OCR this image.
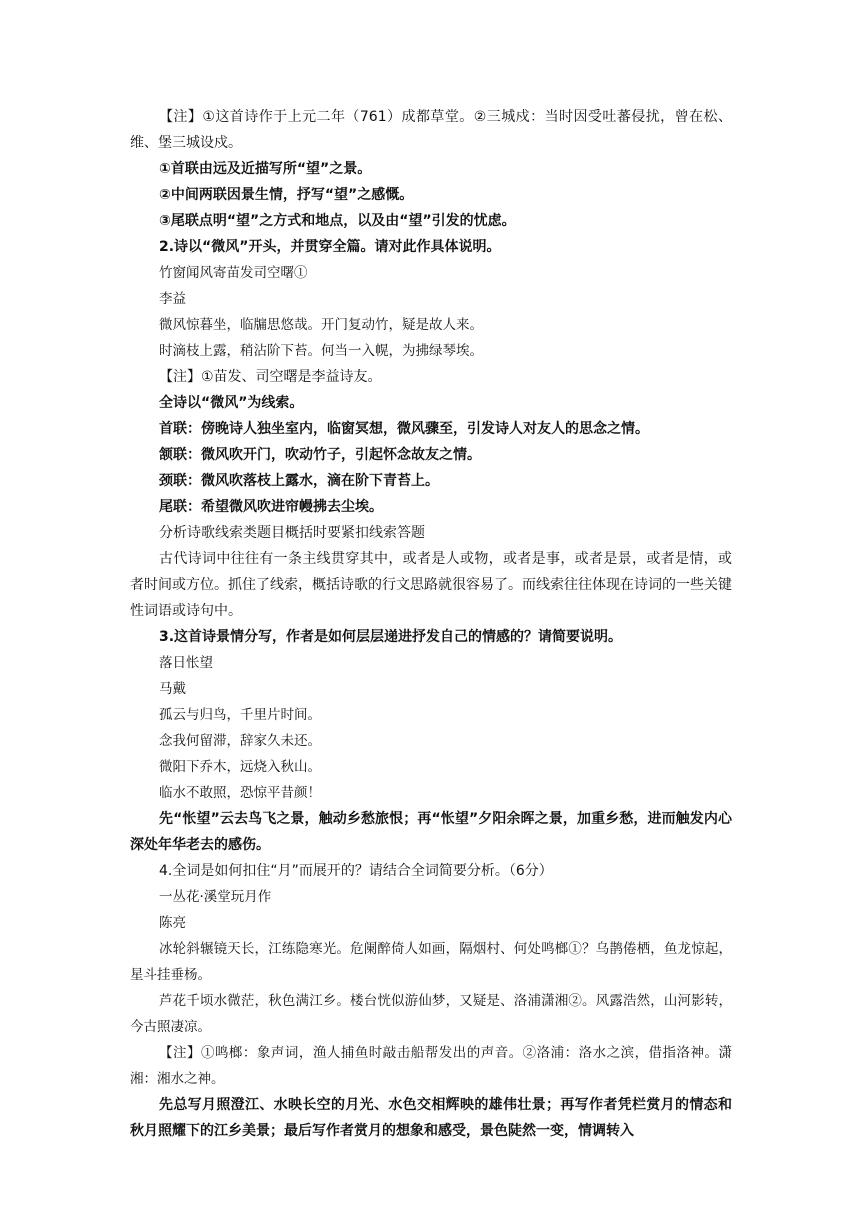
【注】①这首诗作于上元二年（761）成都草堂。②三城戍：当时因受吐蕃侵扰，曾在松、维、堡三城设戍。

①首联由远及近描写所“望”之景。

②中间两联因景生情，抒写“望”之感慨。

③尾联点明“望”之方式和地点，以及由“望”引发的忧虑。

2.诗以“微风”开头，并贯穿全篇。请对此作具体说明。

竹窗闻风寄苗发司空曙①

李益

微风惊暮坐，临牖思悠哉。开门复动竹，疑是故人来。

时滴枝上露，稍沾阶下苔。何当一入幌，为拂绿琴埃。

【注】①苗发、司空曙是李益诗友。

全诗以“微风”为线索。

首联：傍晚诗人独坐室内，临窗冥想，微风骤至，引发诗人对友人的思念之情。

颔联：微风吹开门，吹动竹子，引起怀念故友之情。

颈联：微风吹落枝上露水，滴在阶下青苔上。

尾联：希望微风吹进帘幔拂去尘埃。

分析诗歌线索类题目概括时要紧扣线索答题

古代诗词中往往有一条主线贯穿其中，或者是人或物，或者是事，或者是景，或者是情，或者时间或方位。抓住了线索，概括诗歌的行文思路就很容易了。而线索往往体现在诗词的一些关键性词语或诗句中。

3.这首诗景情分写，作者是如何层层递进抒发自己的情感的？请简要说明。

落日怅望

马戴

孤云与归鸟，千里片时间。

念我何留滞，辞家久未还。

微阳下乔木，远烧入秋山。

临水不敢照，恐惊平昔颜！

先“怅望”云去鸟飞之景，触动乡愁旅恨；再“怅望”夕阳余晖之景，加重乡愁，进而触发内心深处年华老去的感伤。

4.全词是如何扣住“月”而展开的？请结合全词简要分析。（6分）

一丛花·溪堂玩月作

陈亮

冰轮斜辗镜天长，江练隐寒光。危阑醉倚人如画，隔烟村、何处鸣榔①？乌鹊倦栖，鱼龙惊起，星斗挂垂杨。

芦花千顷水微茫，秋色满江乡。楼台恍似游仙梦，又疑是、洛浦潇湘②。风露浩然，山河影转，今古照凄凉。

【注】①鸣榔：象声词，渔人捕鱼时敲击船帮发出的声音。②洛浦：洛水之滨，借指洛神。潇湘：湘水之神。

先总写月照澄江、水映长空的月光、水色交相辉映的雄伟壮景；再写作者凭栏赏月的情态和秋月照耀下的江乡美景；最后写作者赏月的想象和感受，景色陡然一变，情调转入
